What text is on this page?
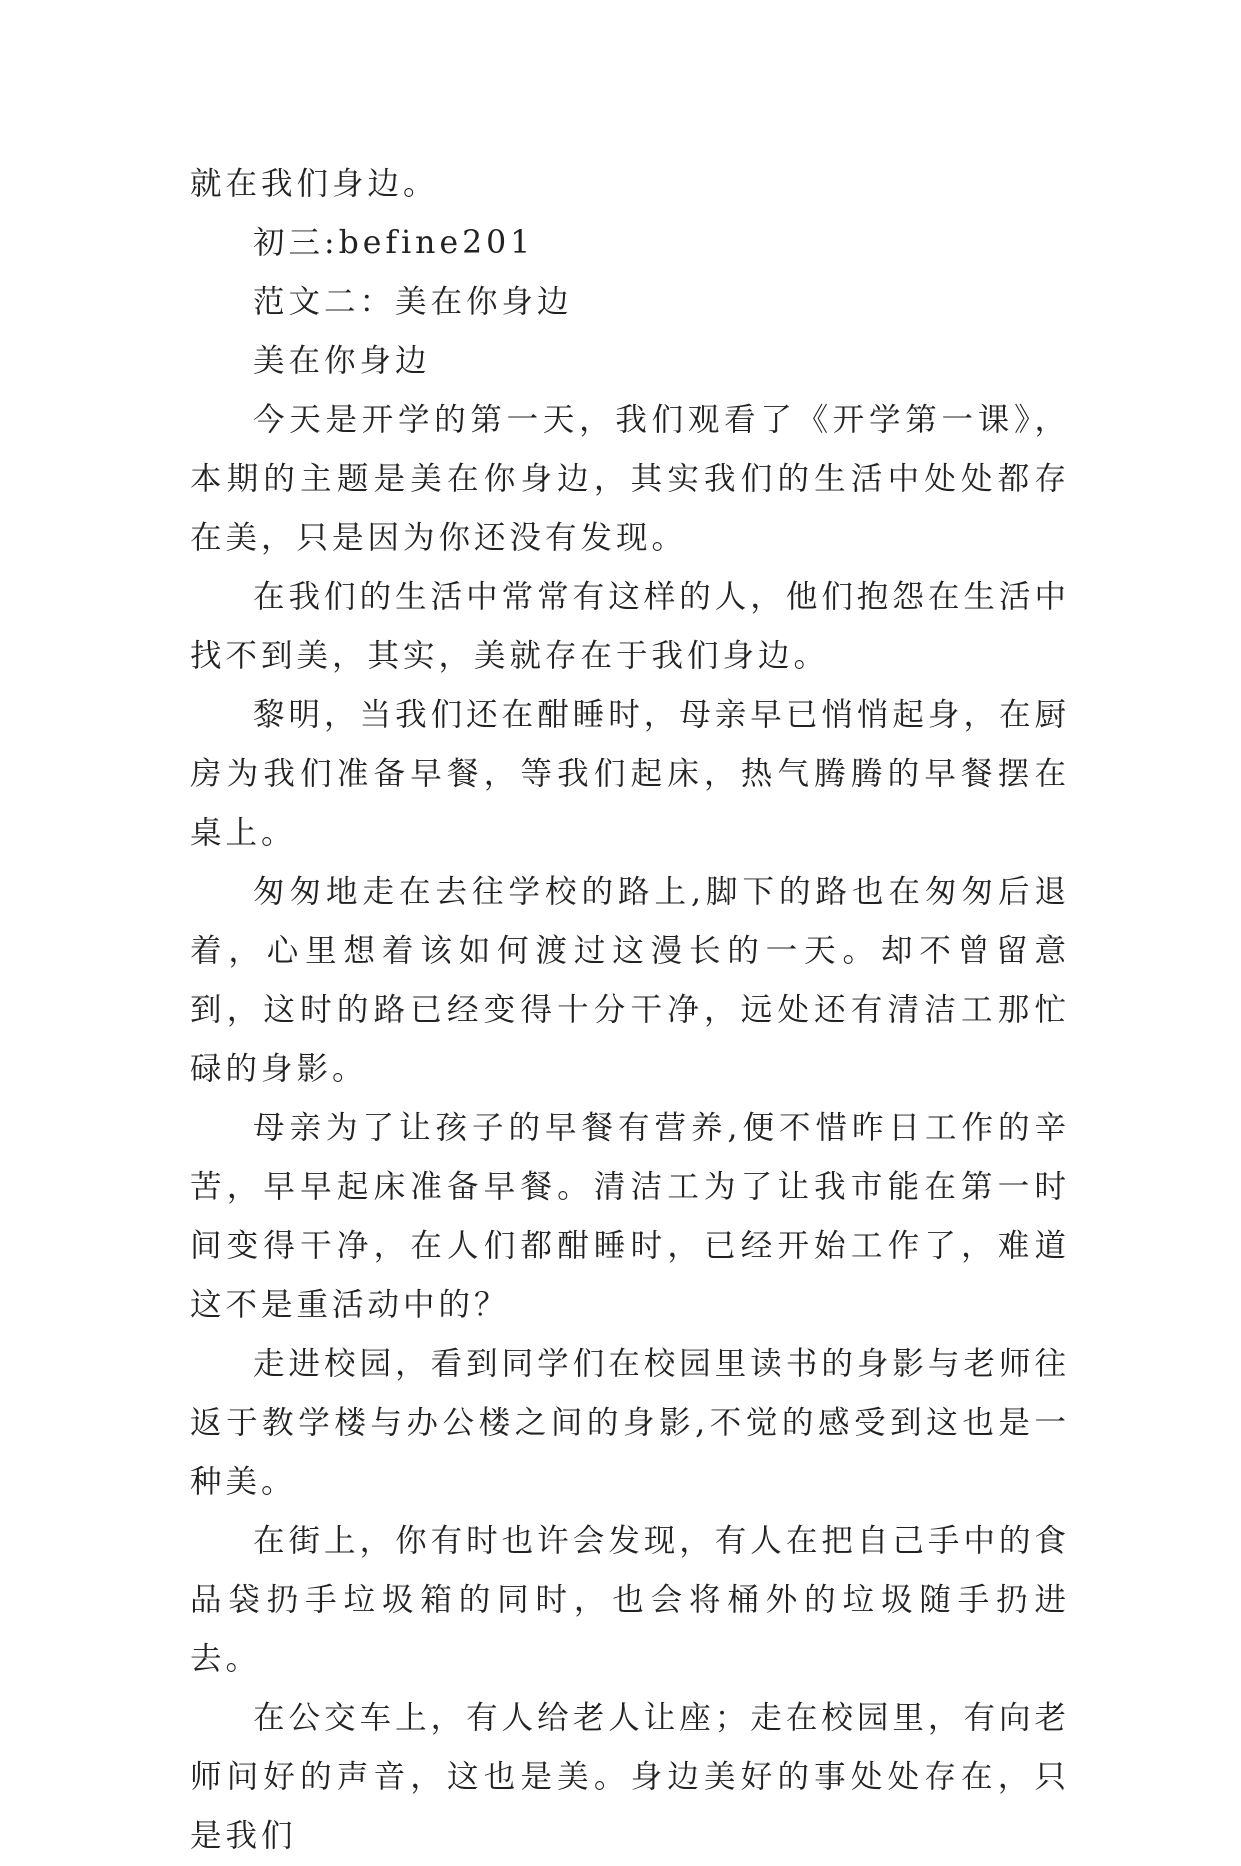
就在我们身边。

初三:befine201

范文二：美在你身边

美在你身边

今天是开学的第一天，我们观看了《开学第一课》，本期的主题是美在你身边，其实我们的生活中处处都存在美，只是因为你还没有发现。

在我们的生活中常常有这样的人，他们抱怨在生活中找不到美，其实，美就存在于我们身边。

黎明，当我们还在酣睡时，母亲早已悄悄起身，在厨房为我们准备早餐，等我们起床，热气腾腾的早餐摆在桌上。

匆匆地走在去往学校的路上,脚下的路也在匆匆后退着，心里想着该如何渡过这漫长的一天。却不曾留意到，这时的路已经变得十分干净，远处还有清洁工那忙碌的身影。

母亲为了让孩子的早餐有营养,便不惜昨日工作的辛苦，早早起床准备早餐。清洁工为了让我市能在第一时间变得干净，在人们都酣睡时，已经开始工作了，难道这不是重活动中的？

走进校园，看到同学们在校园里读书的身影与老师往返于教学楼与办公楼之间的身影,不觉的感受到这也是一种美。

在街上，你有时也许会发现，有人在把自己手中的食品袋扔手垃圾箱的同时，也会将桶外的垃圾随手扔进去。

在公交车上，有人给老人让座；走在校园里，有向老师问好的声音，这也是美。身边美好的事处处存在，只是我们
